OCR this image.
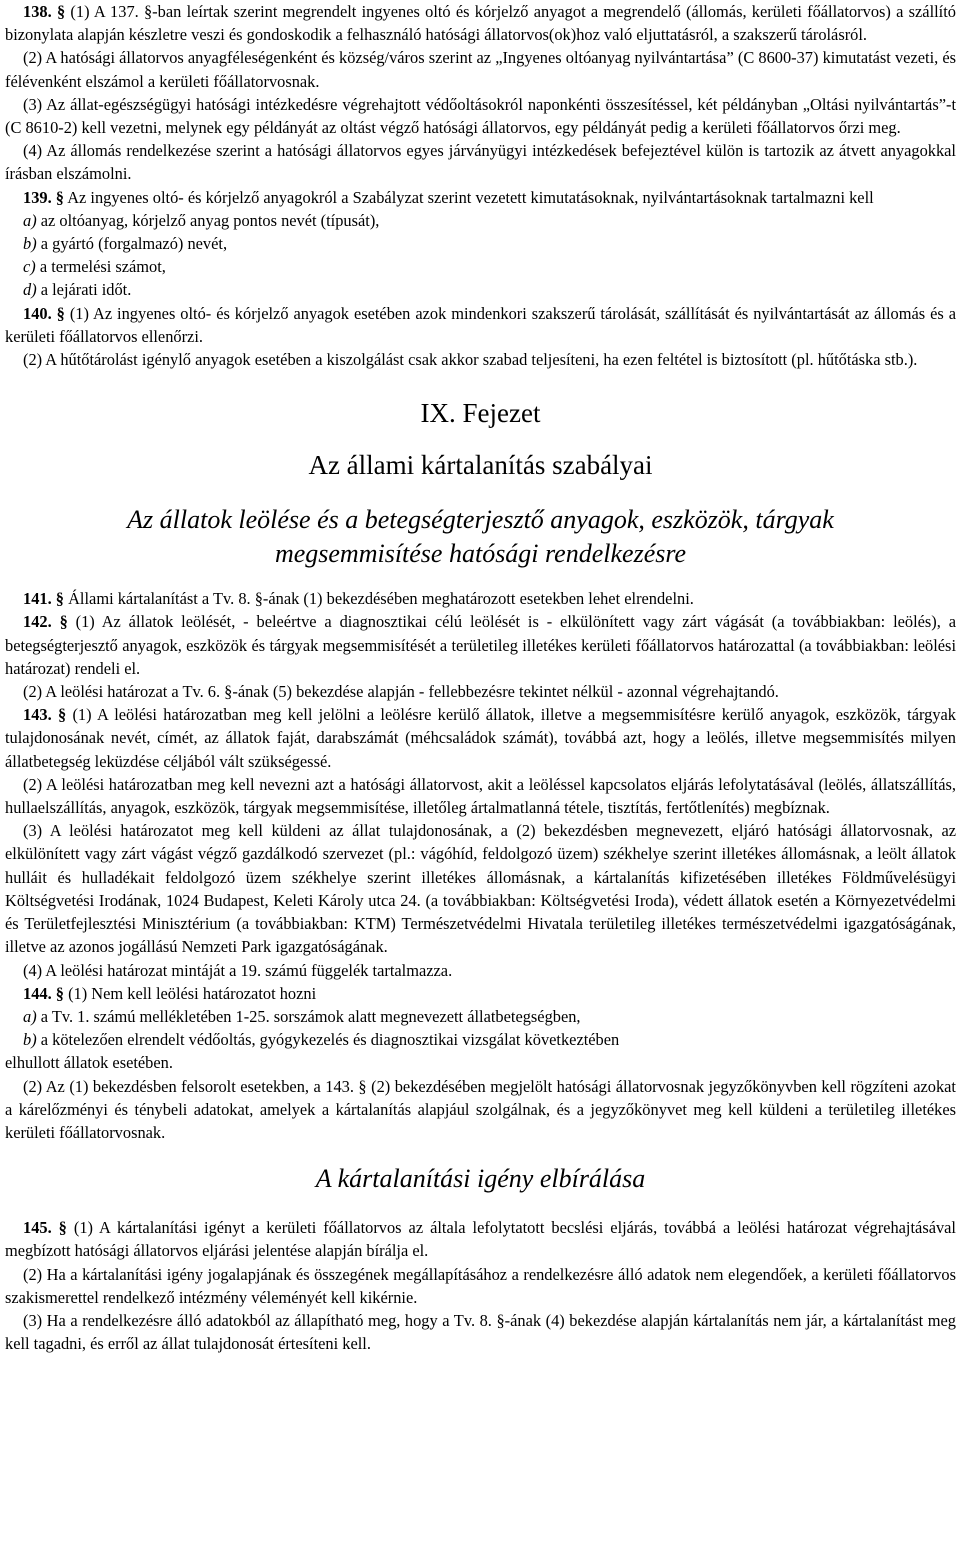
138. § (1) A 137. §-ban leírtak szerint megrendelt ingyenes oltó és kórjelző anyagot a megrendelő (állomás, kerületi főállatorvos) a szállító bizonylata alapján készletre veszi és gondoskodik a felhasználó hatósági állatorvos(ok)hoz való eljuttatásról, a szakszerű tárolásról.

(2) A hatósági állatorvos anyagféleségenként és község/város szerint az „Ingyenes oltóanyag nyilvántartása” (C 8600-37) kimutatást vezeti, és félévenként elszámol a kerületi főállatorvosnak.

(3) Az állat-egészségügyi hatósági intézkedésre végrehajtott védőoltásokról naponkénti összesítéssel, két példányban „Oltási nyilvántartás”-t (C 8610-2) kell vezetni, melynek egy példányát az oltást végző hatósági állatorvos, egy példányát pedig a kerületi főállatorvos őrzi meg.

(4) Az állomás rendelkezése szerint a hatósági állatorvos egyes járványügyi intézkedések befejeztével külön is tartozik az átvett anyagokkal írásban elszámolni.

139. § Az ingyenes oltó- és kórjelző anyagokról a Szabályzat szerint vezetett kimutatásoknak, nyilvántartásoknak tartalmazni kell

a) az oltóanyag, kórjelző anyag pontos nevét (típusát),

b) a gyártó (forgalmazó) nevét,

c) a termelési számot,

d) a lejárati időt.

140. § (1) Az ingyenes oltó- és kórjelző anyagok esetében azok mindenkori szakszerű tárolását, szállítását és nyilvántartását az állomás és a kerületi főállatorvos ellenőrzi.

(2) A hűtőtárolást igénylő anyagok esetében a kiszolgálást csak akkor szabad teljesíteni, ha ezen feltétel is biztosított (pl. hűtőtáska stb.).

IX. Fejezet
Az állami kártalanítás szabályai
Az állatok leölése és a betegségterjesztő anyagok, eszközök, tárgyak megsemmisítése hatósági rendelkezésre

141. § Állami kártalanítást a Tv. 8. §-ának (1) bekezdésében meghatározott esetekben lehet elrendelni.

142. § (1) Az állatok leölését, - beleértve a diagnosztikai célú leölését is - elkülönített vagy zárt vágását (a továbbiakban: leölés), a betegségterjesztő anyagok, eszközök és tárgyak megsemmisítését a területileg illetékes kerületi főállatorvos határozattal (a továbbiakban: leölési határozat) rendeli el.

(2) A leölési határozat a Tv. 6. §-ának (5) bekezdése alapján - fellebbezésre tekintet nélkül - azonnal végrehajtandó.

143. § (1) A leölési határozatban meg kell jelölni a leölésre kerülő állatok, illetve a megsemmisítésre kerülő anyagok, eszközök, tárgyak tulajdonosának nevét, címét, az állatok faját, darabszámát (méhcsaládok számát), továbbá azt, hogy a leölés, illetve megsemmisítés milyen állatbetegség leküzdése céljából vált szükségessé.

(2) A leölési határozatban meg kell nevezni azt a hatósági állatorvost, akit a leöléssel kapcsolatos eljárás lefolytatásával (leölés, állatszállítás, hullaelszállítás, anyagok, eszközök, tárgyak megsemmisítése, illetőleg ártalmatlanná tétele, tisztítás, fertőtlenítés) megbíznak.

(3) A leölési határozatot meg kell küldeni az állat tulajdonosának, a (2) bekezdésben megnevezett, eljáró hatósági állatorvosnak, az elkülönített vagy zárt vágást végző gazdálkodó szervezet (pl.: vágóhíd, feldolgozó üzem) székhelye szerint illetékes állomásnak, a leölt állatok hulláit és hulladékait feldolgozó üzem székhelye szerint illetékes állomásnak, a kártalanítás kifizetésében illetékes Földművelésügyi Költségvetési Irodának, 1024 Budapest, Keleti Károly utca 24. (a továbbiakban: Költségvetési Iroda), védett állatok esetén a Környezetvédelmi és Területfejlesztési Minisztérium (a továbbiakban: KTM) Természetvédelmi Hivatala területileg illetékes természetvédelmi igazgatóságának, illetve az azonos jogállású Nemzeti Park igazgatóságának.

(4) A leölési határozat mintáját a 19. számú függelék tartalmazza.

144. § (1) Nem kell leölési határozatot hozni

a) a Tv. 1. számú mellékletében 1-25. sorszámok alatt megnevezett állatbetegségben,

b) a kötelezően elrendelt védőoltás, gyógykezelés és diagnosztikai vizsgálat következtében

elhullott állatok esetében.

(2) Az (1) bekezdésben felsorolt esetekben, a 143. § (2) bekezdésében megjelölt hatósági állatorvosnak jegyzőkönyvben kell rögzíteni azokat a kárelőzményi és ténybeli adatokat, amelyek a kártalanítás alapjául szolgálnak, és a jegyzőkönyvet meg kell küldeni a területileg illetékes kerületi főállatorvosnak.

A kártalanítási igény elbírálása

145. § (1) A kártalanítási igényt a kerületi főállatorvos az általa lefolytatott becslési eljárás, továbbá a leölési határozat végrehajtásával megbízott hatósági állatorvos eljárási jelentése alapján bírálja el.

(2) Ha a kártalanítási igény jogalapjának és összegének megállapításához a rendelkezésre álló adatok nem elegendőek, a kerületi főállatorvos szakismerettel rendelkező intézmény véleményét kell kikérnie.

(3) Ha a rendelkezésre álló adatokból az állapítható meg, hogy a Tv. 8. §-ának (4) bekezdése alapján kártalanítás nem jár, a kártalanítást meg kell tagadni, és erről az állat tulajdonosát értesíteni kell.
